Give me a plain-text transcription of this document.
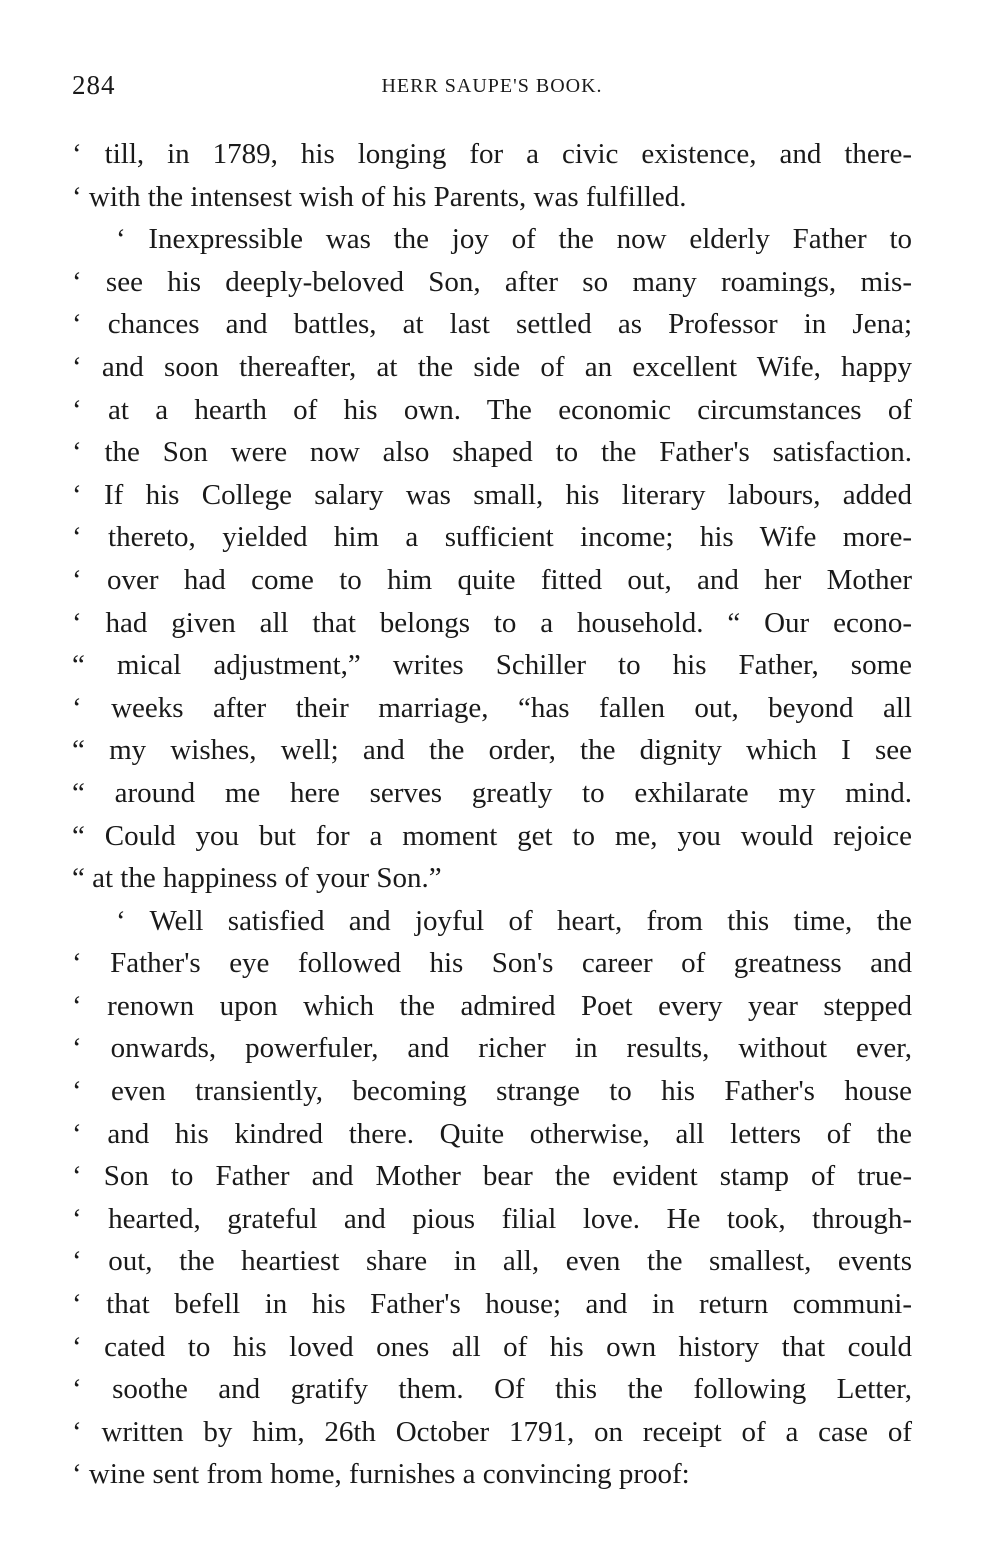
284	HERR SAUPE'S BOOK.
‘ till, in 1789, his longing for a civic existence, and there-
‘ with the intensest wish of his Parents, was fulfilled.
‘ Inexpressible was the joy of the now elderly Father to
‘ see his deeply-beloved Son, after so many roamings, mis-
‘ chances and battles, at last settled as Professor in Jena;
‘ and soon thereafter, at the side of an excellent Wife, happy
‘ at a hearth of his own. The economic circumstances of
‘ the Son were now also shaped to the Father's satisfaction.
‘ If his College salary was small, his literary labours, added
‘ thereto, yielded him a sufficient income; his Wife more-
‘ over had come to him quite fitted out, and her Mother
‘ had given all that belongs to a household. “ Our econo-
“ mical adjustment,” writes Schiller to his Father, some
‘ weeks after their marriage, “has fallen out, beyond all
“ my wishes, well; and the order, the dignity which I see
“ around me here serves greatly to exhilarate my mind.
“ Could you but for a moment get to me, you would rejoice
“ at the happiness of your Son.”
‘ Well satisfied and joyful of heart, from this time, the
‘ Father's eye followed his Son's career of greatness and
‘ renown upon which the admired Poet every year stepped
‘ onwards, powerfuler, and richer in results, without ever,
‘ even transiently, becoming strange to his Father's house
‘ and his kindred there. Quite otherwise, all letters of the
‘ Son to Father and Mother bear the evident stamp of true-
‘ hearted, grateful and pious filial love. He took, through-
‘ out, the heartiest share in all, even the smallest, events
‘ that befell in his Father's house; and in return communi-
‘ cated to his loved ones all of his own history that could
‘ soothe and gratify them. Of this the following Letter,
‘ written by him, 26th October 1791, on receipt of a case of
‘ wine sent from home, furnishes a convincing proof:
